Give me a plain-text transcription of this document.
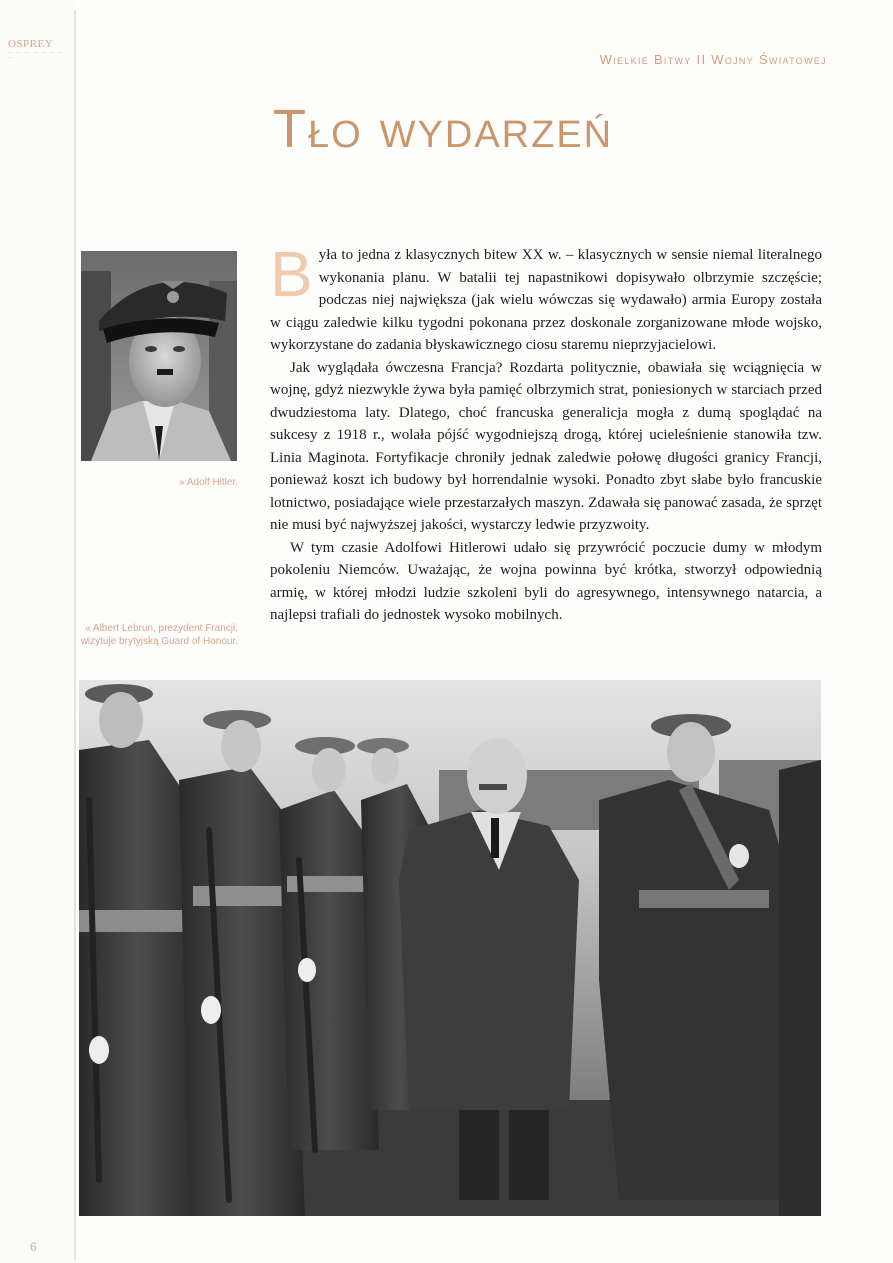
OSPREY
— — — — — — — —	Wielkie Bitwy II Wojny Światowej
Tło wydarzeń
» Adolf Hitler.

Była to jedna z klasycznych bitew XX w. – klasycznych w sensie niemal literalnego wykonania planu. W batalii tej napastnikowi dopisywało olbrzymie szczęście; podczas niej największa (jak wielu wówczas się wydawało) armia Europy została w ciągu zaledwie kilku tygodni pokonana przez doskonale zorganizowane młode wojsko, wykorzystane do zadania błyskawicznego ciosu staremu nieprzyjacielowi.

Jak wyglądała ówczesna Francja? Rozdarta politycznie, obawiała się wciągnięcia w wojnę, gdyż niezwykle żywa była pamięć olbrzymich strat, poniesionych w starciach przed dwudziestoma laty. Dlatego, choć francuska generalicja mogła z dumą spoglądać na sukcesy z 1918 r., wolała pójść wygodniejszą drogą, której ucieleśnienie stanowiła tzw. Linia Maginota. Fortyfikacje chroniły jednak zaledwie połowę długości granicy Francji, ponieważ koszt ich budowy był horrendalnie wysoki. Ponadto zbyt słabe było francuskie lotnictwo, posiadające wiele przestarzałych maszyn. Zdawała się panować zasada, że sprzęt nie musi być najwyższej jakości, wystarczy ledwie przyzwoity.

W tym czasie Adolfowi Hitlerowi udało się przywrócić poczucie dumy w młodym pokoleniu Niemców. Uważając, że wojna powinna być krótka, stworzył odpowiednią armię, w której młodzi ludzie szkoleni byli do agresywnego, intensywnego natarcia, a najlepsi trafiali do jednostek wysoko mobilnych.

« Albert Lebrun, prezydent Francji, wizytuje brytyjską Guard of Honour.
6
